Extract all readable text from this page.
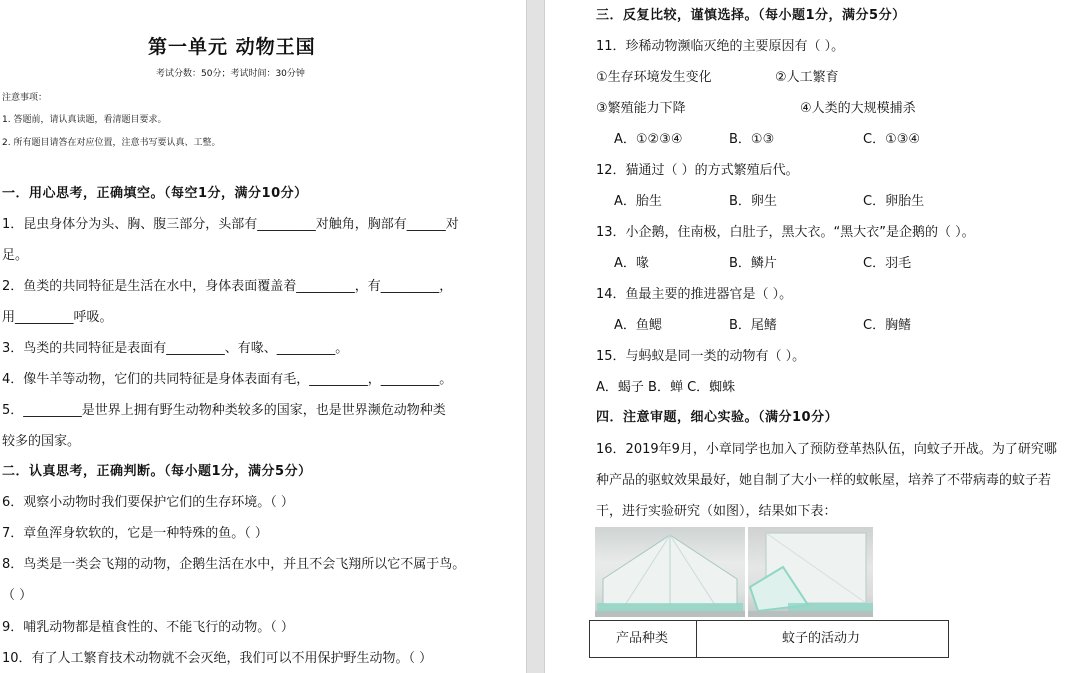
第一单元 动物王国
考试分数：50分；考试时间：30分钟
注意事项：
1. 答题前，请认真读题，看清题目要求。
2. 所有题目请答在对应位置，注意书写要认真、工整。
一．用心思考，正确填空。（每空1分，满分10分）
1．昆虫身体分为头、胸、腹三部分，头部有_________对触角，胸部有______对
足。
2．鱼类的共同特征是生活在水中，身体表面覆盖着_________，有_________，
用_________呼吸。
3．鸟类的共同特征是表面有_________、有喙、_________。
4．像牛羊等动物，它们的共同特征是身体表面有毛，_________，_________。
5．_________是世界上拥有野生动物种类较多的国家，也是世界濒危动物种类
较多的国家。
二．认真思考，正确判断。（每小题1分，满分5分）
6．观察小动物时我们要保护它们的生存环境。（ ）
7．章鱼浑身软软的，它是一种特殊的鱼。（ ）
8．鸟类是一类会飞翔的动物，企鹅生活在水中，并且不会飞翔所以它不属于鸟。
（ ）
9．哺乳动物都是植食性的、不能飞行的动物。（ ）
10．有了人工繁育技术动物就不会灭绝，我们可以不用保护野生动物。（ ）
三．反复比较，谨慎选择。（每小题1分，满分5分）
11．珍稀动物濒临灭绝的主要原因有（ ）。
①生存环境发生变化	②人工繁育
③繁殖能力下降	④人类的大规模捕杀
A．①②③④	B．①③	C．①③④
12．猫通过（ ）的方式繁殖后代。
A．胎生	B．卵生	C．卵胎生
13．小企鹅，住南极，白肚子，黑大衣。“黑大衣”是企鹅的（ ）。
A．喙	B．鳞片	C．羽毛
14．鱼最主要的推进器官是（ ）。
A．鱼鳃	B．尾鳍	C．胸鳍
15．与蚂蚁是同一类的动物有（ ）。
A．蝎子 B．蝉 C．蜘蛛
四．注意审题，细心实验。（满分10分）
16．2019年9月，小章同学也加入了预防登革热队伍，向蚊子开战。为了研究哪
种产品的驱蚊效果最好，她自制了大小一样的蚊帐屋，培养了不带病毒的蚊子若
干，进行实验研究（如图），结果如下表：
产品种类	蚊子的活动力
